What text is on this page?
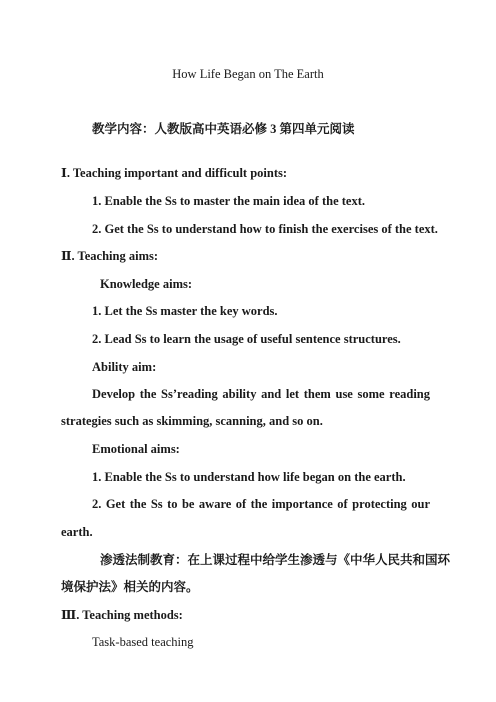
How Life Began on The Earth
教学内容：人教版高中英语必修 3 第四单元阅读
Ⅰ. Teaching important and difficult points:
1. Enable the Ss to master the main idea of the text.
2. Get the Ss to understand how to finish the exercises of the text.
Ⅱ. Teaching aims:
Knowledge aims:
1. Let the Ss master the key words.
2. Lead Ss to learn the usage of useful sentence structures.
Ability aim:
Develop the Ss’reading ability and let them use some reading
strategies such as skimming, scanning, and so on.
Emotional aims:
1. Enable the Ss to understand how life began on the earth.
2. Get the Ss to be aware of the importance of protecting our
earth.
渗透法制教育：在上课过程中给学生渗透与《中华人民共和国环
境保护法》相关的内容。
Ⅲ. Teaching methods:
Task-based teaching
